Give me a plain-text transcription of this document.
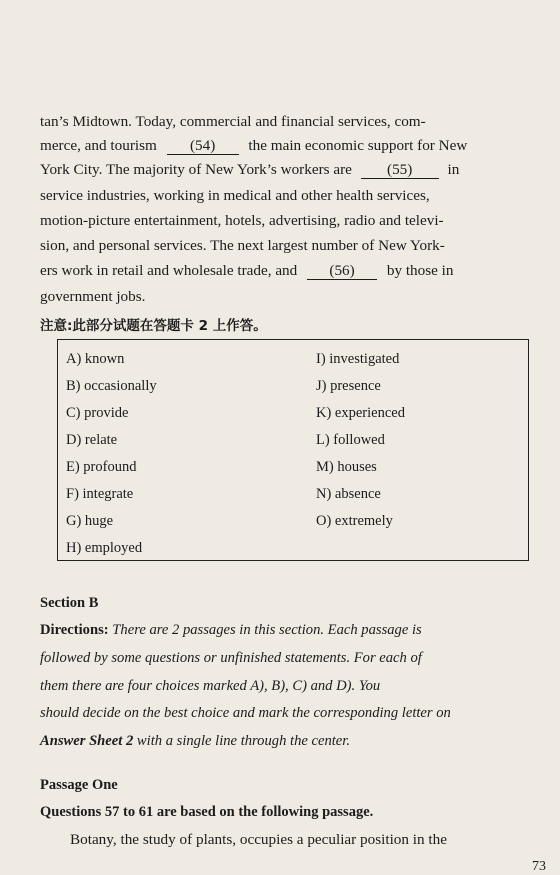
tan’s Midtown. Today, commercial and financial services, com-
merce, and tourism (54) the main economic support for New
York City. The majority of New York’s workers are (55) in
service industries, working in medical and other health services,
motion-picture entertainment, hotels, advertising, radio and televi-
sion, and personal services. The next largest number of New York-
ers work in retail and wholesale trade, and (56) by those in
government jobs.
注意:此部分试题在答题卡 2 上作答。
A) known
B) occasionally
C) provide
D) relate
E) profound
F) integrate
G) huge
H) employed
I) investigated
J) presence
K) experienced
L) followed
M) houses
N) absence
O) extremely
Section B
Directions: There are 2 passages in this section. Each passage is
followed by some questions or unfinished statements. For each of
them there are four choices marked A), B), C) and D). You
should decide on the best choice and mark the corresponding letter on
Answer Sheet 2 with a single line through the center.
Passage One
Questions 57 to 61 are based on the following passage.
Botany, the study of plants, occupies a peculiar position in the
73
